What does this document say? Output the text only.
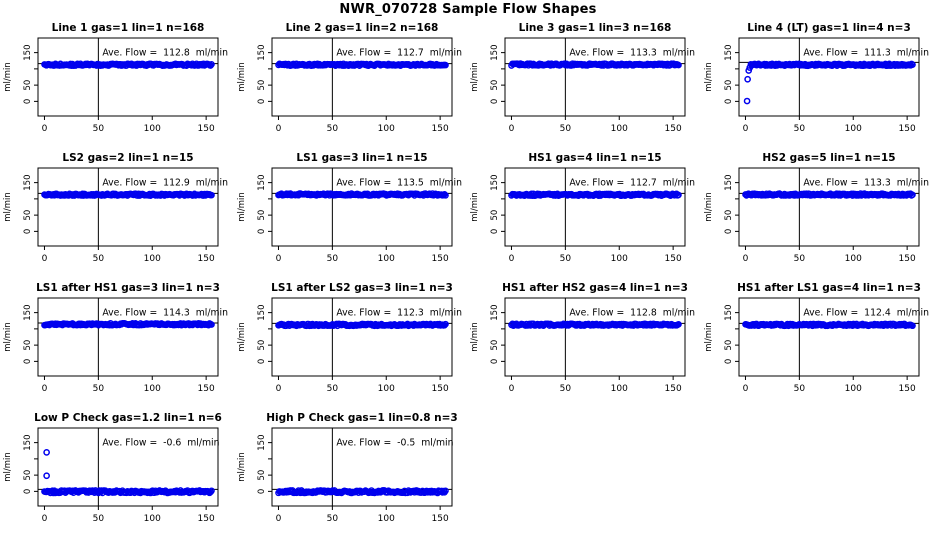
NWR_070728 Sample Flow Shapes
Line 1 gas=1 lin=1 n=168
0
50
150
ml/min
0	50	100	150
Ave. Flow =  112.8  ml/min
Line 2 gas=1 lin=2 n=168
0
50
150
ml/min
0	50	100	150
Ave. Flow =  112.7  ml/min
Line 3 gas=1 lin=3 n=168
0
50
150
ml/min
0	50	100	150
Ave. Flow =  113.3  ml/min
Line 4 (LT) gas=1 lin=4 n=3
0
50
150
ml/min
0	50	100	150
Ave. Flow =  111.3  ml/min
LS2 gas=2 lin=1 n=15
0
50
150
ml/min
0	50	100	150
Ave. Flow =  112.9  ml/min
LS1 gas=3 lin=1 n=15
0
50
150
ml/min
0	50	100	150
Ave. Flow =  113.5  ml/min
HS1 gas=4 lin=1 n=15
0
50
150
ml/min
0	50	100	150
Ave. Flow =  112.7  ml/min
HS2 gas=5 lin=1 n=15
0
50
150
ml/min
0	50	100	150
Ave. Flow =  113.3  ml/min
LS1 after HS1 gas=3 lin=1 n=3
0
50
150
ml/min
0	50	100	150
Ave. Flow =  114.3  ml/min
LS1 after LS2 gas=3 lin=1 n=3
0
50
150
ml/min
0	50	100	150
Ave. Flow =  112.3  ml/min
HS1 after HS2 gas=4 lin=1 n=3
0
50
150
ml/min
0	50	100	150
Ave. Flow =  112.8  ml/min
HS1 after LS1 gas=4 lin=1 n=3
0
50
150
ml/min
0	50	100	150
Ave. Flow =  112.4  ml/min
Low P Check gas=1.2 lin=1 n=6
0
50
150
ml/min
0	50	100	150
Ave. Flow =  -0.6  ml/min
High P Check gas=1 lin=0.8 n=3
0
50
150
ml/min
0	50	100	150
Ave. Flow =  -0.5  ml/min
